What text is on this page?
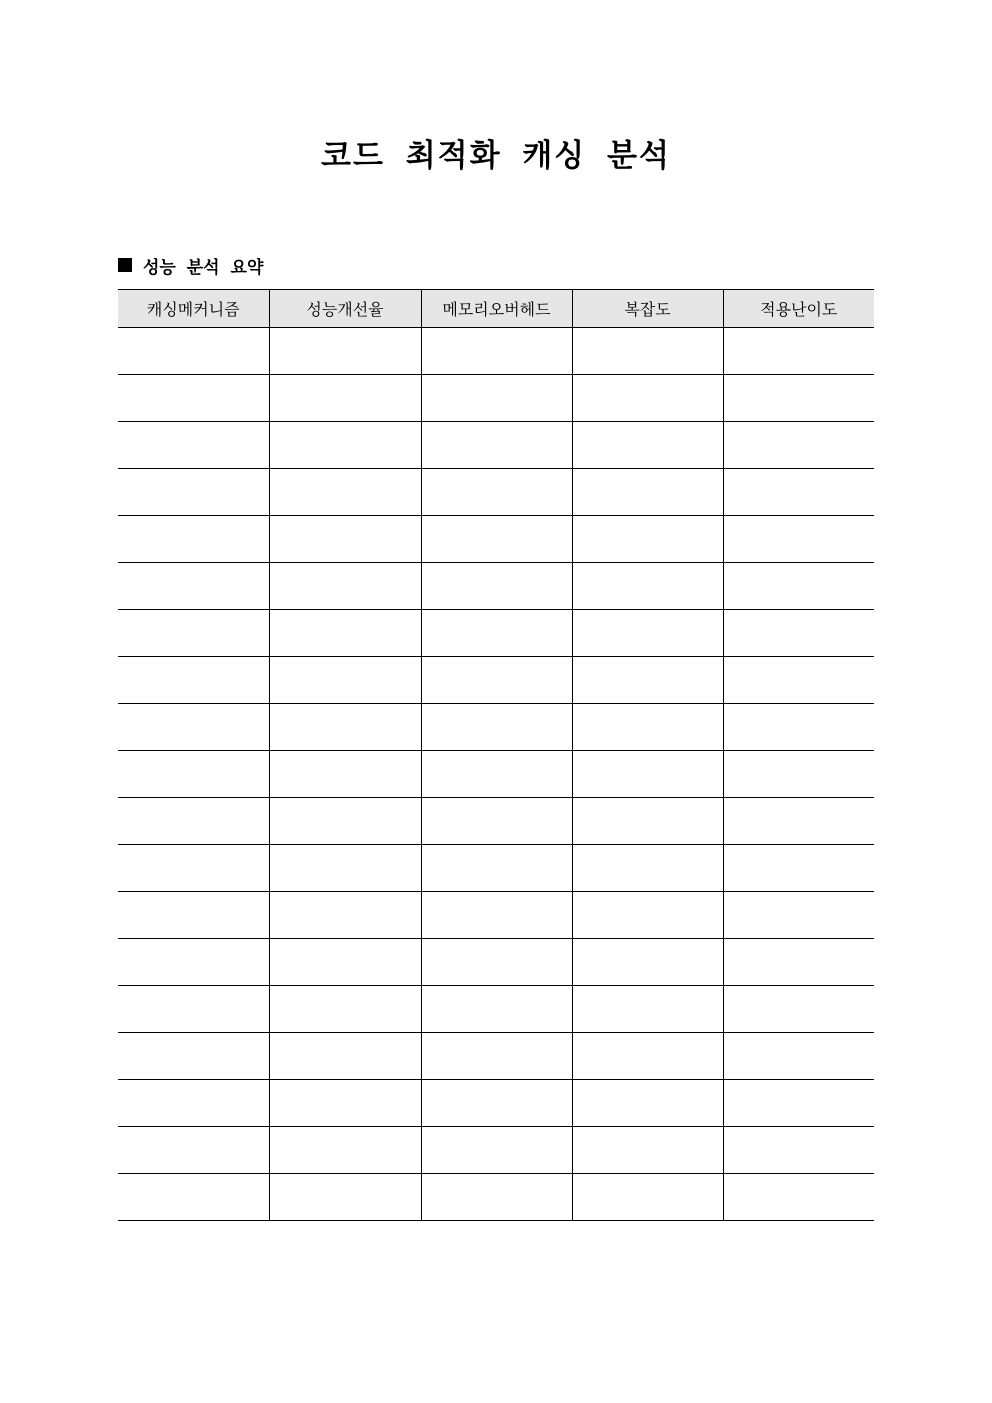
코드 최적화 캐싱 분석
성능 분석 요약
캐싱메커니즘	성능개선율	메모리오버헤드	복잡도	적용난이도
